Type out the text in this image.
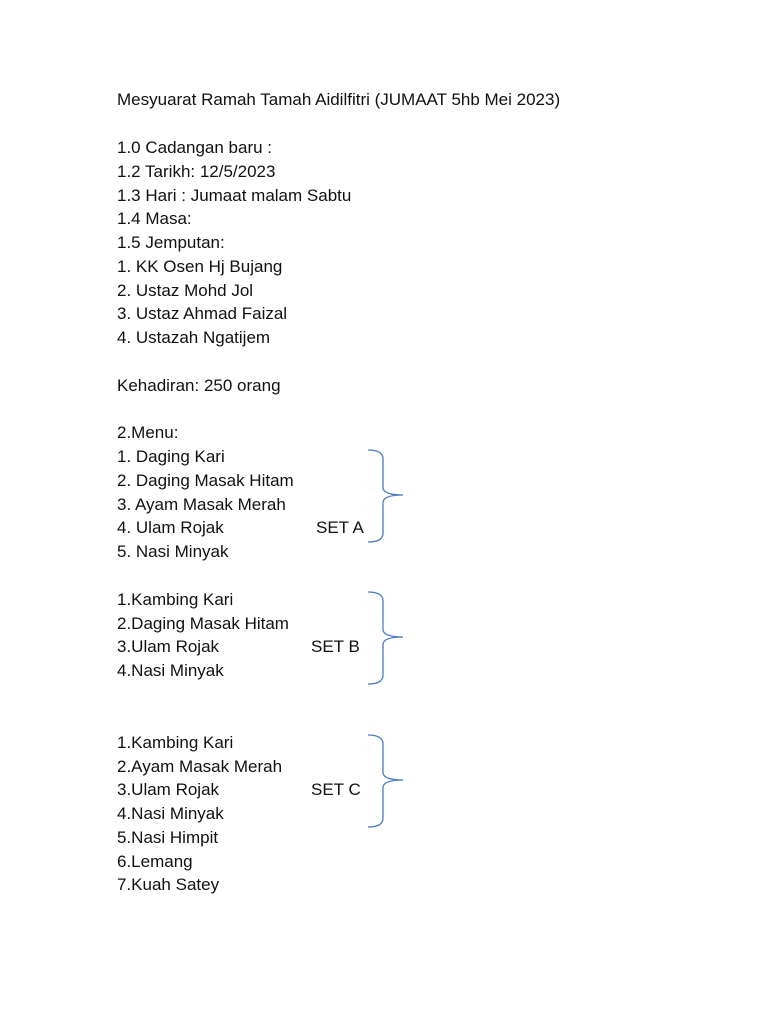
Mesyuarat Ramah Tamah Aidilfitri (JUMAAT 5hb Mei 2023)
1.0 Cadangan baru :
1.2 Tarikh: 12/5/2023
1.3 Hari : Jumaat malam Sabtu
1.4 Masa:
1.5 Jemputan:
1. KK Osen Hj Bujang
2. Ustaz Mohd Jol
3. Ustaz Ahmad Faizal
4. Ustazah Ngatijem
Kehadiran: 250 orang
2.Menu:
1. Daging Kari
2. Daging Masak Hitam
3. Ayam Masak Merah
4. Ulam Rojak
5. Nasi Minyak
SET A
1.Kambing Kari
2.Daging Masak Hitam
3.Ulam Rojak
4.Nasi Minyak
SET B
1.Kambing Kari
2.Ayam Masak Merah
3.Ulam Rojak
4.Nasi Minyak
5.Nasi Himpit
6.Lemang
7.Kuah Satey
SET C
